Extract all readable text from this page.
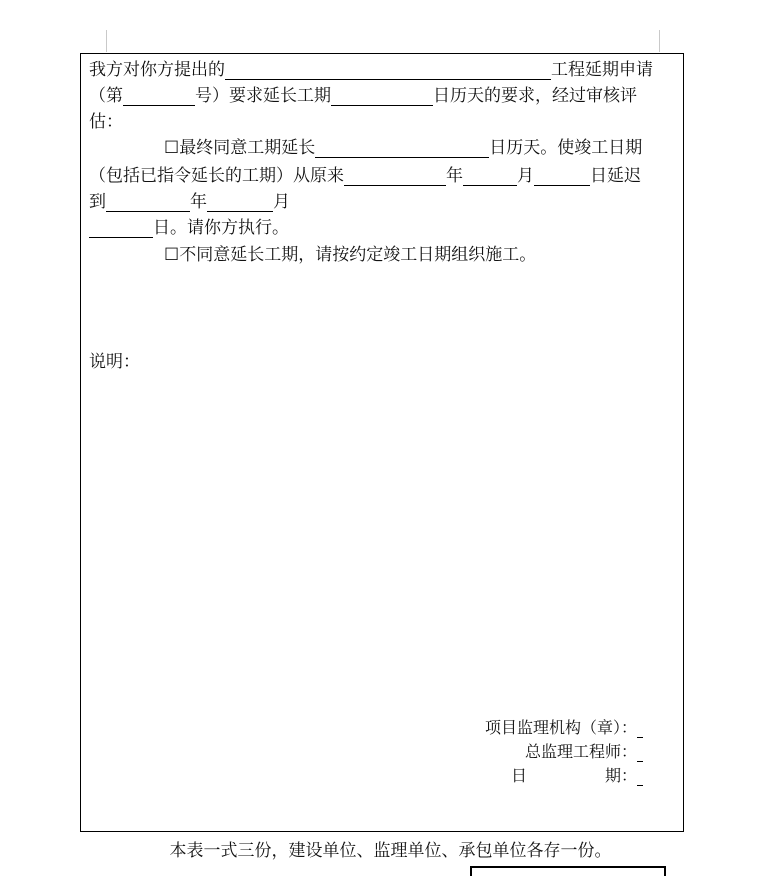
我方对你方提出的	工程延期申请
（第	号）要求延长工期	日历天的要求，经过审核评
估：
☐最终同意工期延长	日历天。使竣工日期
（包括已指令延长的工期）从原来	年	月	日延迟
到	年	月
日。请你方执行。
☐不同意延长工期，请按约定竣工日期组织施工。
说明：
项目监理机构（章）：
总监理工程师：
日	期：
本表一式三份，建设单位、监理单位、承包单位各存一份。
